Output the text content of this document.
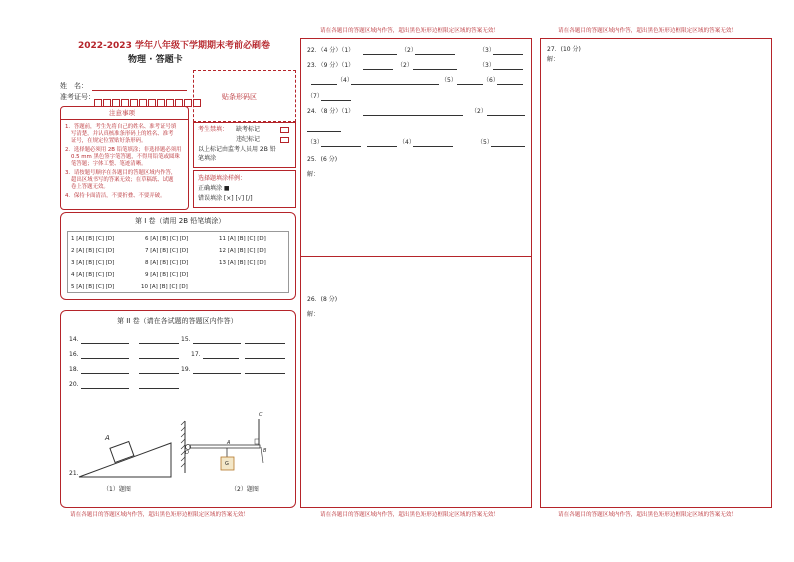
2022-2023 学年八年级下学期期末考前必刷卷
物理 · 答题卡
姓　名：
准考证号：	贴条形码区
注意事项
1．答题前，考生先将自己的姓名、准考证号填
写清楚，并认真核准条形码上的姓名、准考
证号，在规定位置贴好条形码。
2．选择题必须用 2B 铅笔填涂；非选择题必须用
0.5 mm 黑色签字笔答题，不得用铅笔或圆珠
笔答题；字体工整、笔迹清晰。
3．请按题号顺序在各题目的答题区域内作答，
超出区域书写的答案无效；在草稿纸、试题
卷上答题无效。
4．保持卡面清洁，不要折叠、不要弄破。
考生禁填： 缺考标记
违纪标记
以上标记由监考人员用 2B 铅
笔填涂
选择题填涂样例：
正确填涂 ■
错误填涂 [×] [√] [/]
第 I 卷（请用 2B 铅笔填涂）
1 [A] [B] [C] [D]
2 [A] [B] [C] [D]
3 [A] [B] [C] [D]
4 [A] [B] [C] [D]
5 [A] [B] [C] [D]
6 [A] [B] [C] [D]
7 [A] [B] [C] [D]
8 [A] [B] [C] [D]
9 [A] [B] [C] [D]
10 [A] [B] [C] [D]
11 [A] [B] [C] [D]
12 [A] [B] [C] [D]
13 [A] [B] [C] [D]
第 II 卷（请在各试题的答题区内作答）
14.	15.
16.	17.
18.	19.
20.
A
21.
G
O
C
A
B
（1）题图	（2）题图
请在各题目的答题区域内作答，超出黑色矩形边框限定区域的答案无效！
请在各题目的答题区域内作答，超出黑色矩形边框限定区域的答案无效！
22．（4 分）（1）	（2）	（3）
23．（9 分）（1）	（2）	（3）
（4）	（5）	（6）
（7）
24．（8 分）（1）	（2）
（3）	（4）	（5）
25．(6 分)
解：
26．(8 分)
解：
请在各题目的答题区域内作答，超出黑色矩形边框限定区域的答案无效！
请在各题目的答题区域内作答，超出黑色矩形边框限定区域的答案无效！
27．(10 分)
解：
请在各题目的答题区域内作答，超出黑色矩形边框限定区域的答案无效！
